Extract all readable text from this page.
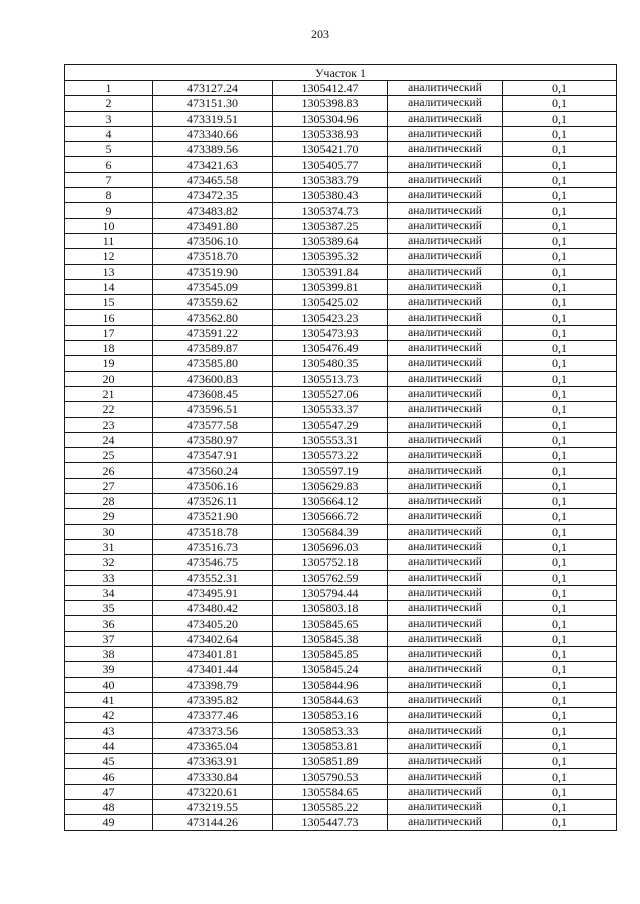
203
Участок 1				
1	473127.24	1305412.47	аналитический	0,1
2	473151.30	1305398.83	аналитический	0,1
3	473319.51	1305304.96	аналитический	0,1
4	473340.66	1305338.93	аналитический	0,1
5	473389.56	1305421.70	аналитический	0,1
6	473421.63	1305405.77	аналитический	0,1
7	473465.58	1305383.79	аналитический	0,1
8	473472.35	1305380.43	аналитический	0,1
9	473483.82	1305374.73	аналитический	0,1
10	473491.80	1305387.25	аналитический	0,1
11	473506.10	1305389.64	аналитический	0,1
12	473518.70	1305395.32	аналитический	0,1
13	473519.90	1305391.84	аналитический	0,1
14	473545.09	1305399.81	аналитический	0,1
15	473559.62	1305425.02	аналитический	0,1
16	473562.80	1305423.23	аналитический	0,1
17	473591.22	1305473.93	аналитический	0,1
18	473589.87	1305476.49	аналитический	0,1
19	473585.80	1305480.35	аналитический	0,1
20	473600.83	1305513.73	аналитический	0,1
21	473608.45	1305527.06	аналитический	0,1
22	473596.51	1305533.37	аналитический	0,1
23	473577.58	1305547.29	аналитический	0,1
24	473580.97	1305553.31	аналитический	0,1
25	473547.91	1305573.22	аналитический	0,1
26	473560.24	1305597.19	аналитический	0,1
27	473506.16	1305629.83	аналитический	0,1
28	473526.11	1305664.12	аналитический	0,1
29	473521.90	1305666.72	аналитический	0,1
30	473518.78	1305684.39	аналитический	0,1
31	473516.73	1305696.03	аналитический	0,1
32	473546.75	1305752.18	аналитический	0,1
33	473552.31	1305762.59	аналитический	0,1
34	473495.91	1305794.44	аналитический	0,1
35	473480.42	1305803.18	аналитический	0,1
36	473405.20	1305845.65	аналитический	0,1
37	473402.64	1305845.38	аналитический	0,1
38	473401.81	1305845.85	аналитический	0,1
39	473401.44	1305845.24	аналитический	0,1
40	473398.79	1305844.96	аналитический	0,1
41	473395.82	1305844.63	аналитический	0,1
42	473377.46	1305853.16	аналитический	0,1
43	473373.56	1305853.33	аналитический	0,1
44	473365.04	1305853.81	аналитический	0,1
45	473363.91	1305851.89	аналитический	0,1
46	473330.84	1305790.53	аналитический	0,1
47	473220.61	1305584.65	аналитический	0,1
48	473219.55	1305585.22	аналитический	0,1
49	473144.26	1305447.73	аналитический	0,1
